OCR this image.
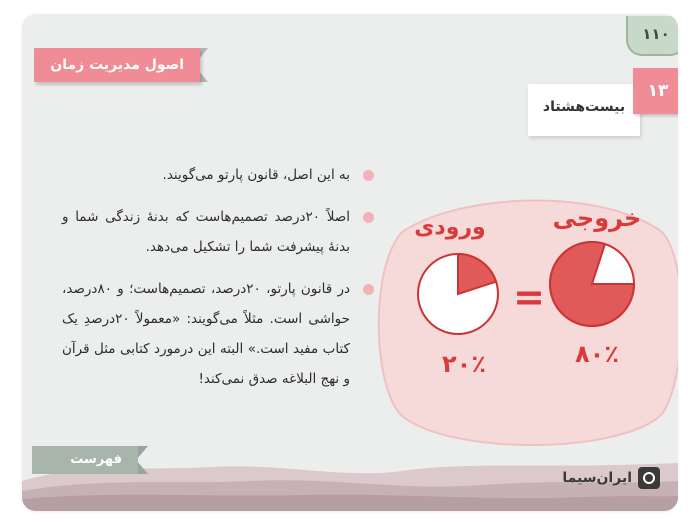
۱۱۰
اصول مدیریت زمان
بیست‌هشتاد
۱۳
به این اصل، قانون پارتو می‌گویند.
اصلاً ۲۰درصد تصمیم‌هاست که بدنهٔ زندگی شما و بدنهٔ پیشرفت شما را تشکیل می‌دهد.
در قانون پارتو، ۲۰درصد، تصمیم‌هاست؛ و ۸۰درصد، حواشی است. مثلاً می‌گویند: «معمولاً ۲۰درصدِ یک کتاب مفید است.» البته این درمورد کتابی مثل قرآن و نهج البلاغه صدق نمی‌کند!
ورودی	خروجی
=
۲۰٪	۸۰٪
فهرست
ایران‌سیما
